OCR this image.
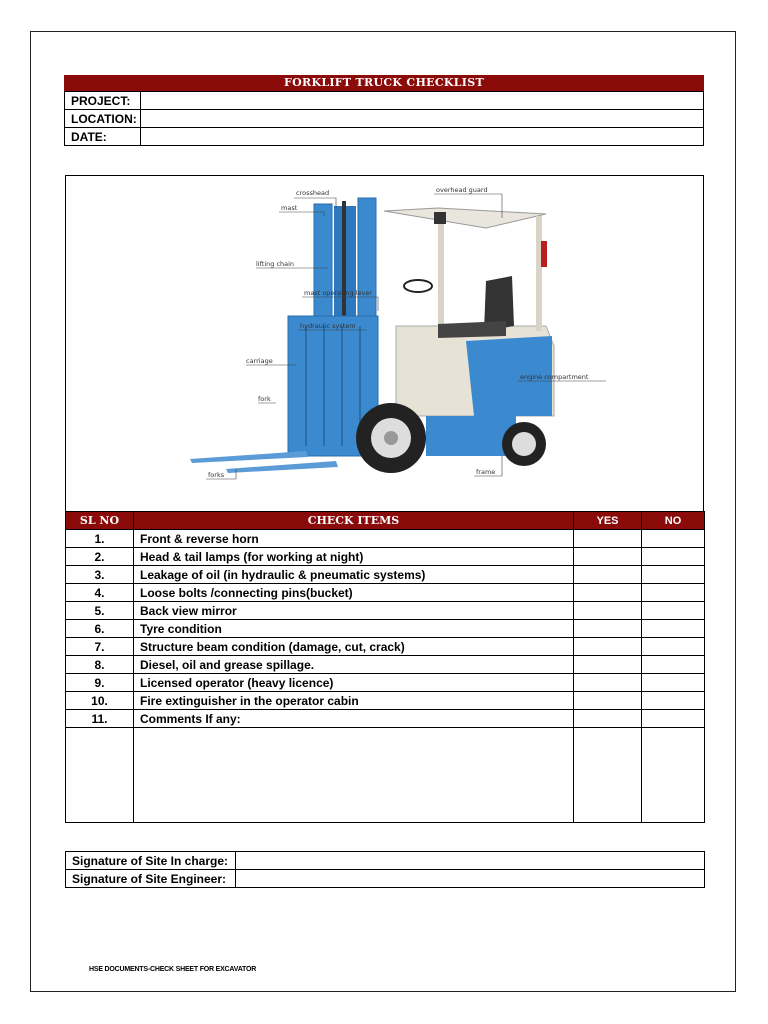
FORKLIFT TRUCK CHECKLIST
PROJECT:	
LOCATION:	
DATE:	
crosshead	overhead guard
mast
lifting chain
mast operating lever
hydraulic system
carriage
engine compartment
fork
forks	frame
SL NO	CHECK ITEMS	YES	NO
1.	Front & reverse horn		
2.	Head & tail lamps (for working at night)		
3.	Leakage of oil (in hydraulic & pneumatic systems)		
4.	Loose bolts /connecting pins(bucket)		
5.	Back view mirror		
6.	Tyre condition		
7.	Structure beam condition (damage, cut, crack)		
8.	Diesel, oil and grease spillage.		
9.	Licensed operator (heavy licence)		
10.	Fire extinguisher in the operator cabin		
11.	Comments If any:		

Signature of Site In charge:	
Signature of Site Engineer:	
HSE DOCUMENTS-CHECK SHEET FOR EXCAVATOR
